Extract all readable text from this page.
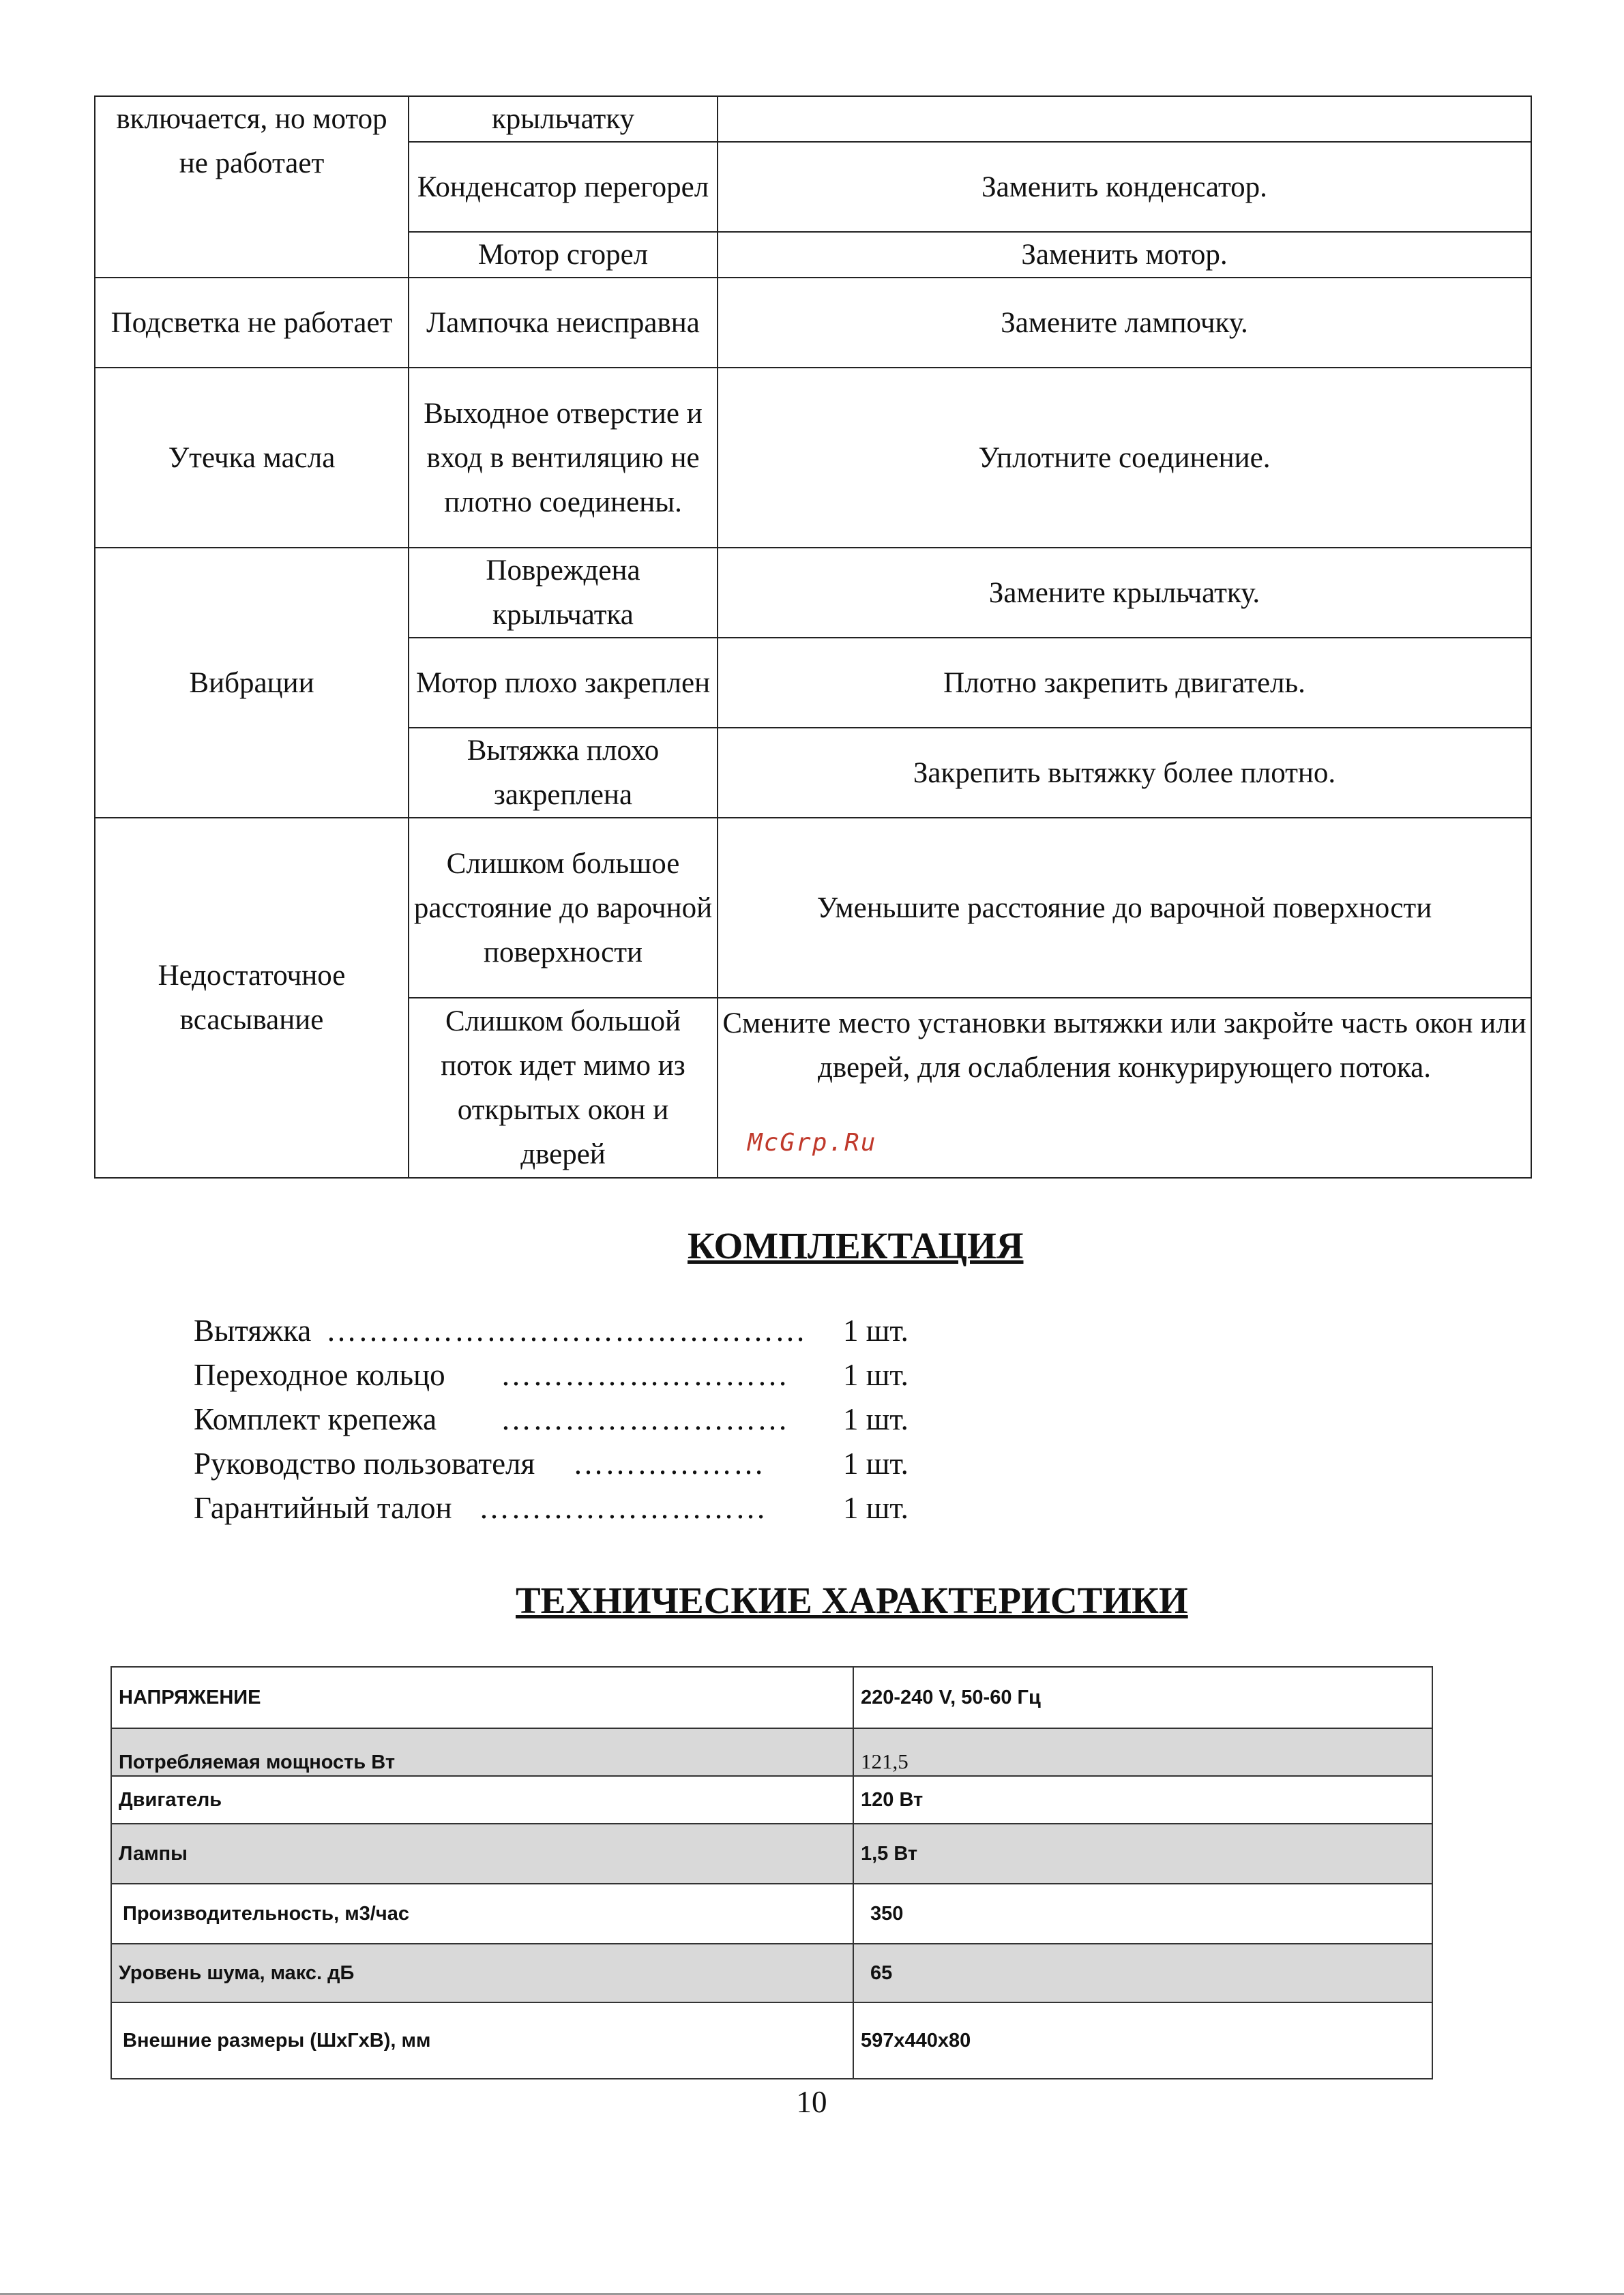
включается, но мотор не работает	крыльчатку	
	Конденсатор перегорел	Заменить конденсатор.
	Мотор сгорел	Заменить мотор.
Подсветка не работает	Лампочка неисправна	Замените лампочку.
Утечка масла	Выходное отверстие и вход в вентиляцию не плотно соединены.	Уплотните соединение.
Вибрации	Повреждена крыльчатка	Замените крыльчатку.
	Мотор плохо закреплен	Плотно закрепить двигатель.
	Вытяжка плохо закреплена	Закрепить вытяжку более плотно.
Недостаточное всасывание	Слишком большое расстояние до варочной поверхности	Уменьшите расстояние до варочной поверхности
	Слишком большой поток идет мимо из открытых окон и дверей	Смените место установки вытяжки или закройте часть окон или дверей, для ослабления конкурирующего потока.
McGrp.Ru
КОМПЛЕКТАЦИЯ
Вытяжка ……………………………………… 1 шт.
Переходное кольцо ……………………… 1 шт.
Комплект крепежа ……………………… 1 шт.
Руководство пользователя ………………	1 шт.
Гарантийный талон ……………………… 1 шт.
ТЕХНИЧЕСКИЕ ХАРАКТЕРИСТИКИ
НАПРЯЖЕНИЕ	220-240 V, 50-60 Гц
Потребляемая мощность Вт	121,5
Двигатель	120 Вт
Лампы	1,5 Вт
Производительность, м3/час	350
Уровень шума, макс. дБ	65
Внешние размеры (ШхГхВ), мм	597x440x80
10
